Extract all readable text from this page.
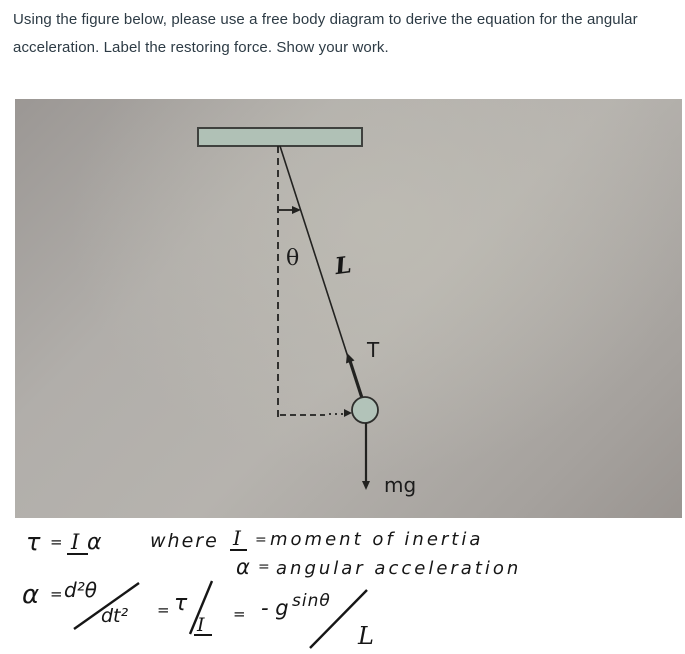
Using the figure below, please use a free body diagram to derive the equation for the angular acceleration. Label the restoring force. Show your work.
θ L
T
mg
τ = I α	where I = moment of inertia
α = angular acceleration
α = d²θ
dt² = τ
I = - g sinθ
L
